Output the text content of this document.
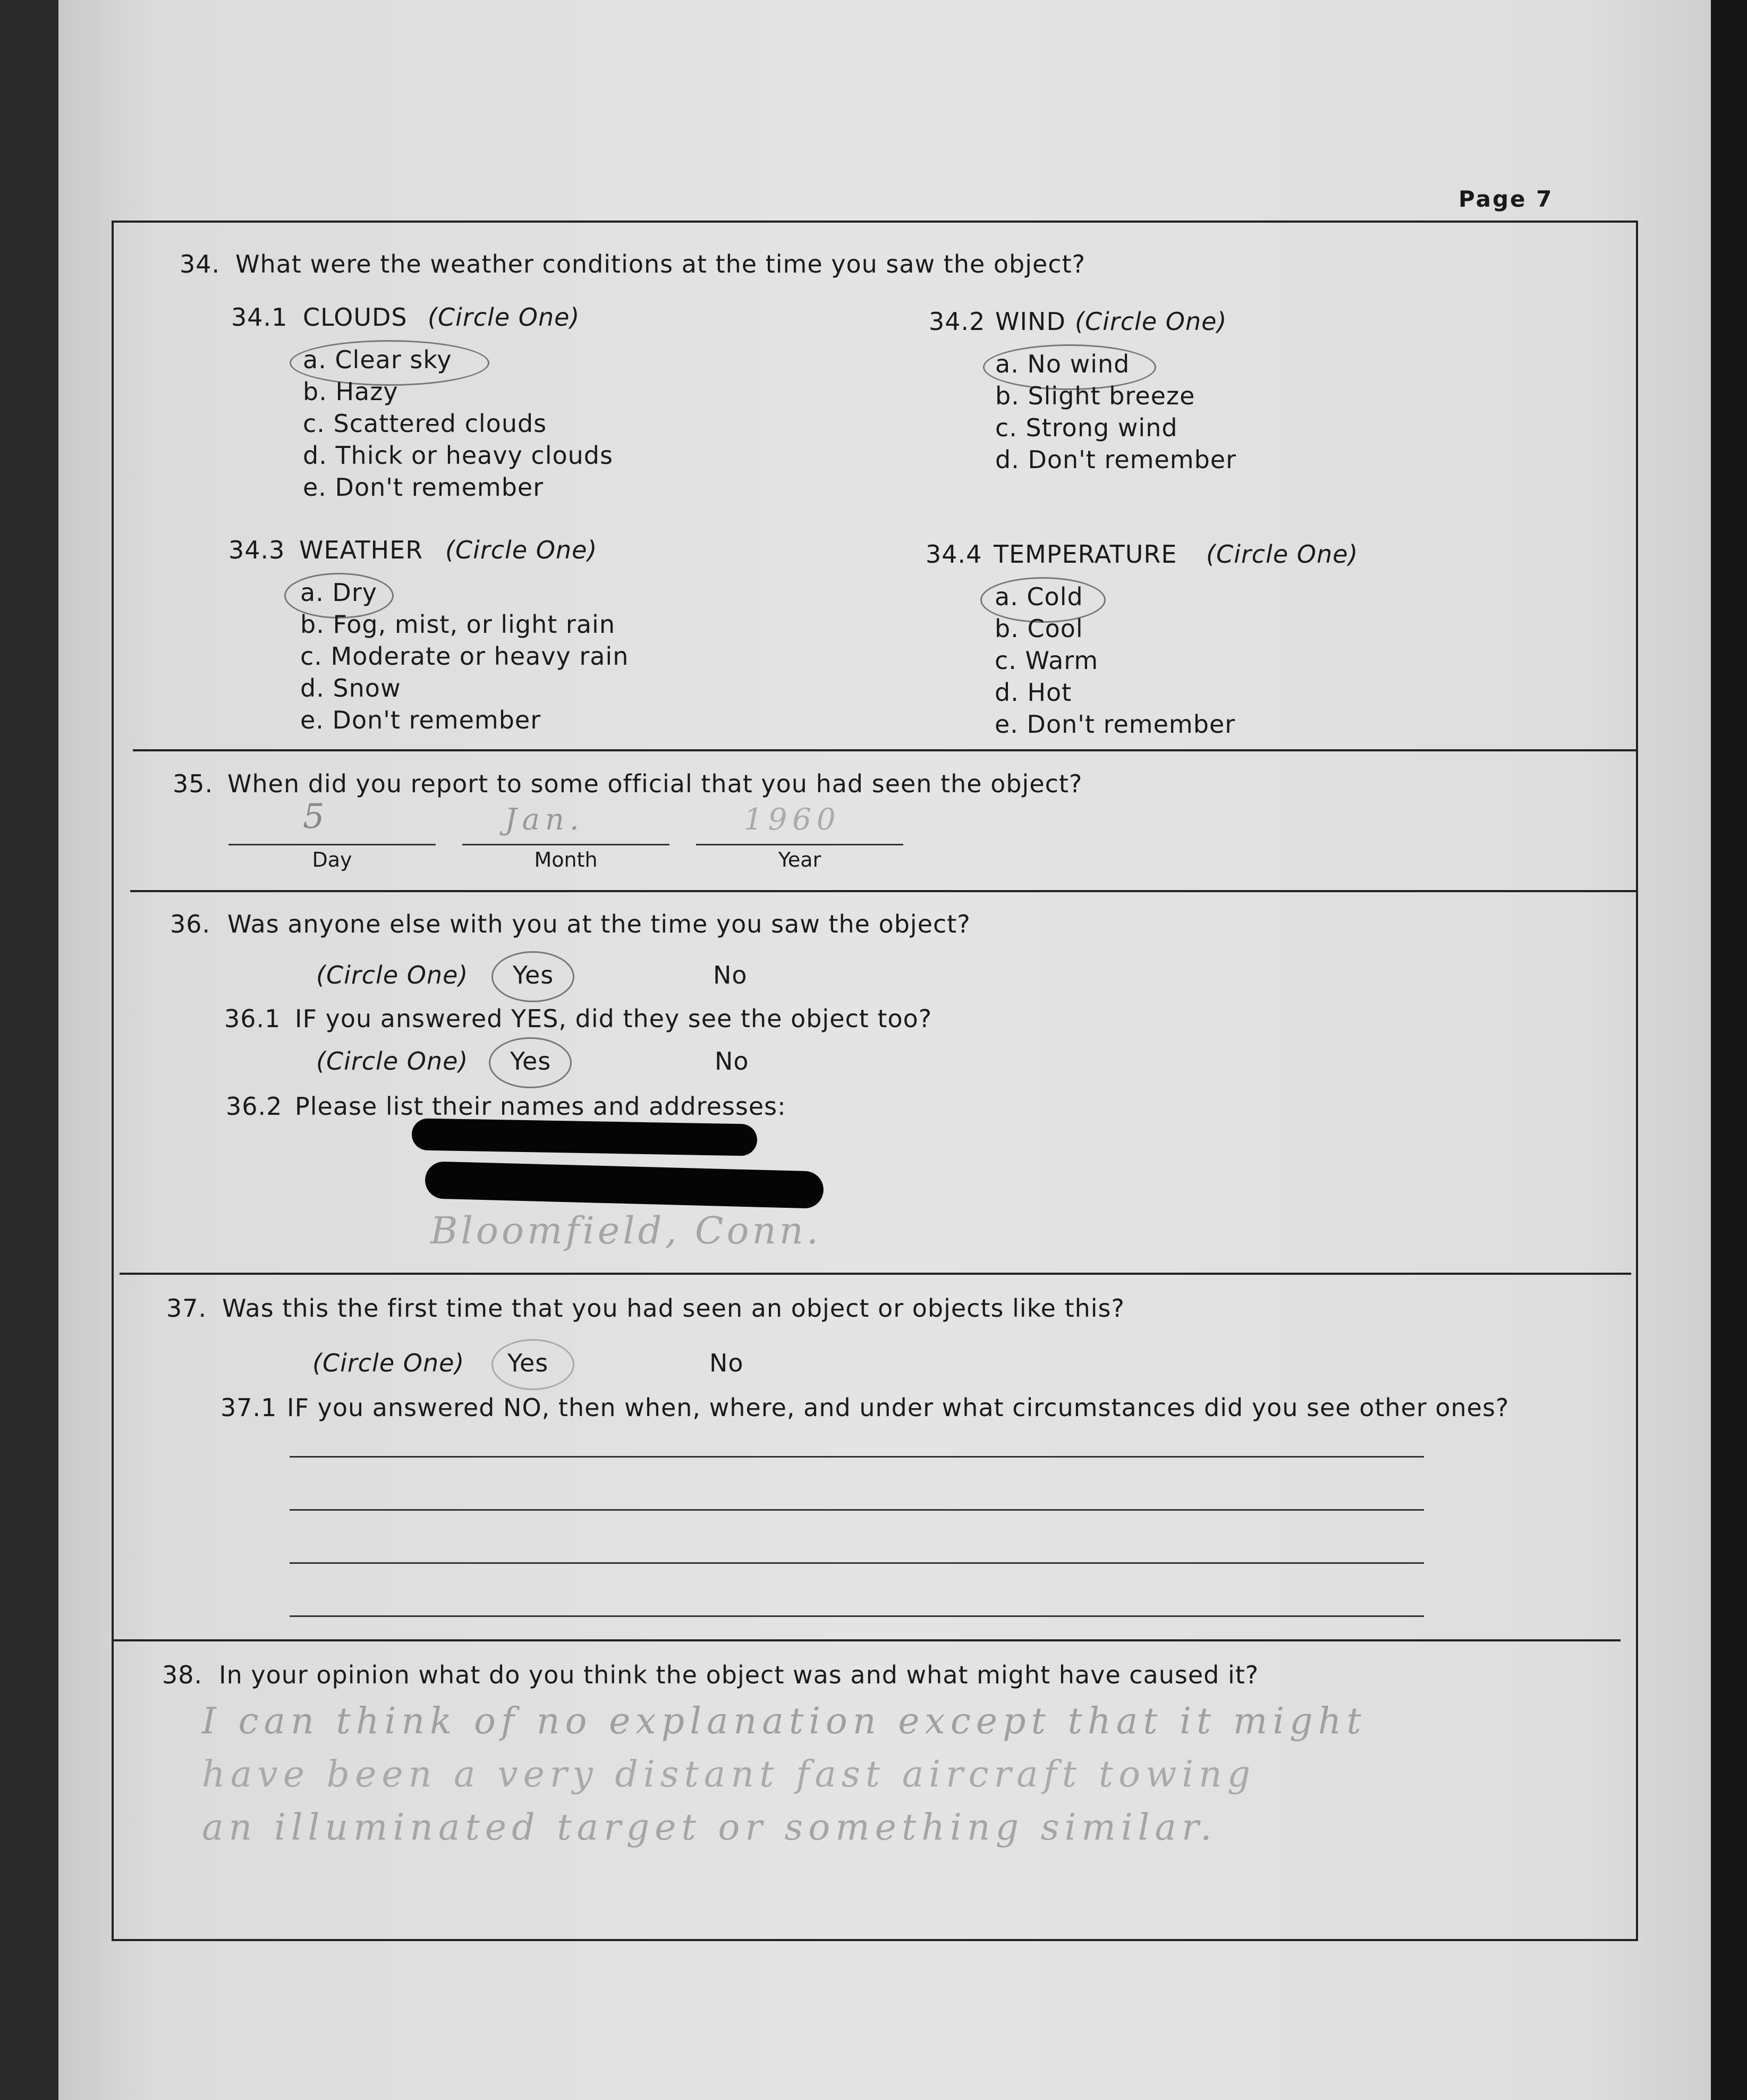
Page 7
34. What were the weather conditions at the time you saw the object?
34.1 CLOUDS (Circle One)
a. Clear sky
b. Hazy
c. Scattered clouds
d. Thick or heavy clouds
e. Don't remember
34.2 WIND (Circle One)
a. No wind
b. Slight breeze
c. Strong wind
d. Don't remember
34.3 WEATHER (Circle One)
a. Dry
b. Fog, mist, or light rain
c. Moderate or heavy rain
d. Snow
e. Don't remember
34.4 TEMPERATURE (Circle One)
a. Cold
b. Cool
c. Warm
d. Hot
e. Don't remember
35. When did you report to some official that you had seen the object?
5
Day
Jan.
Month
1960
Year
36. Was anyone else with you at the time you saw the object?
(Circle One) Yes	No
36.1 IF you answered YES, did they see the object too?
(Circle One) Yes	No
36.2 Please list their names and addresses:
Bloomfield, Conn.
37. Was this the first time that you had seen an object or objects like this?
(Circle One) Yes	No
37.1 IF you answered NO, then when, where, and under what circumstances did you see other ones?
38. In your opinion what do you think the object was and what might have caused it?
I can think of no explanation except that it might
have been a very distant fast aircraft towing
an illuminated target or something similar.
